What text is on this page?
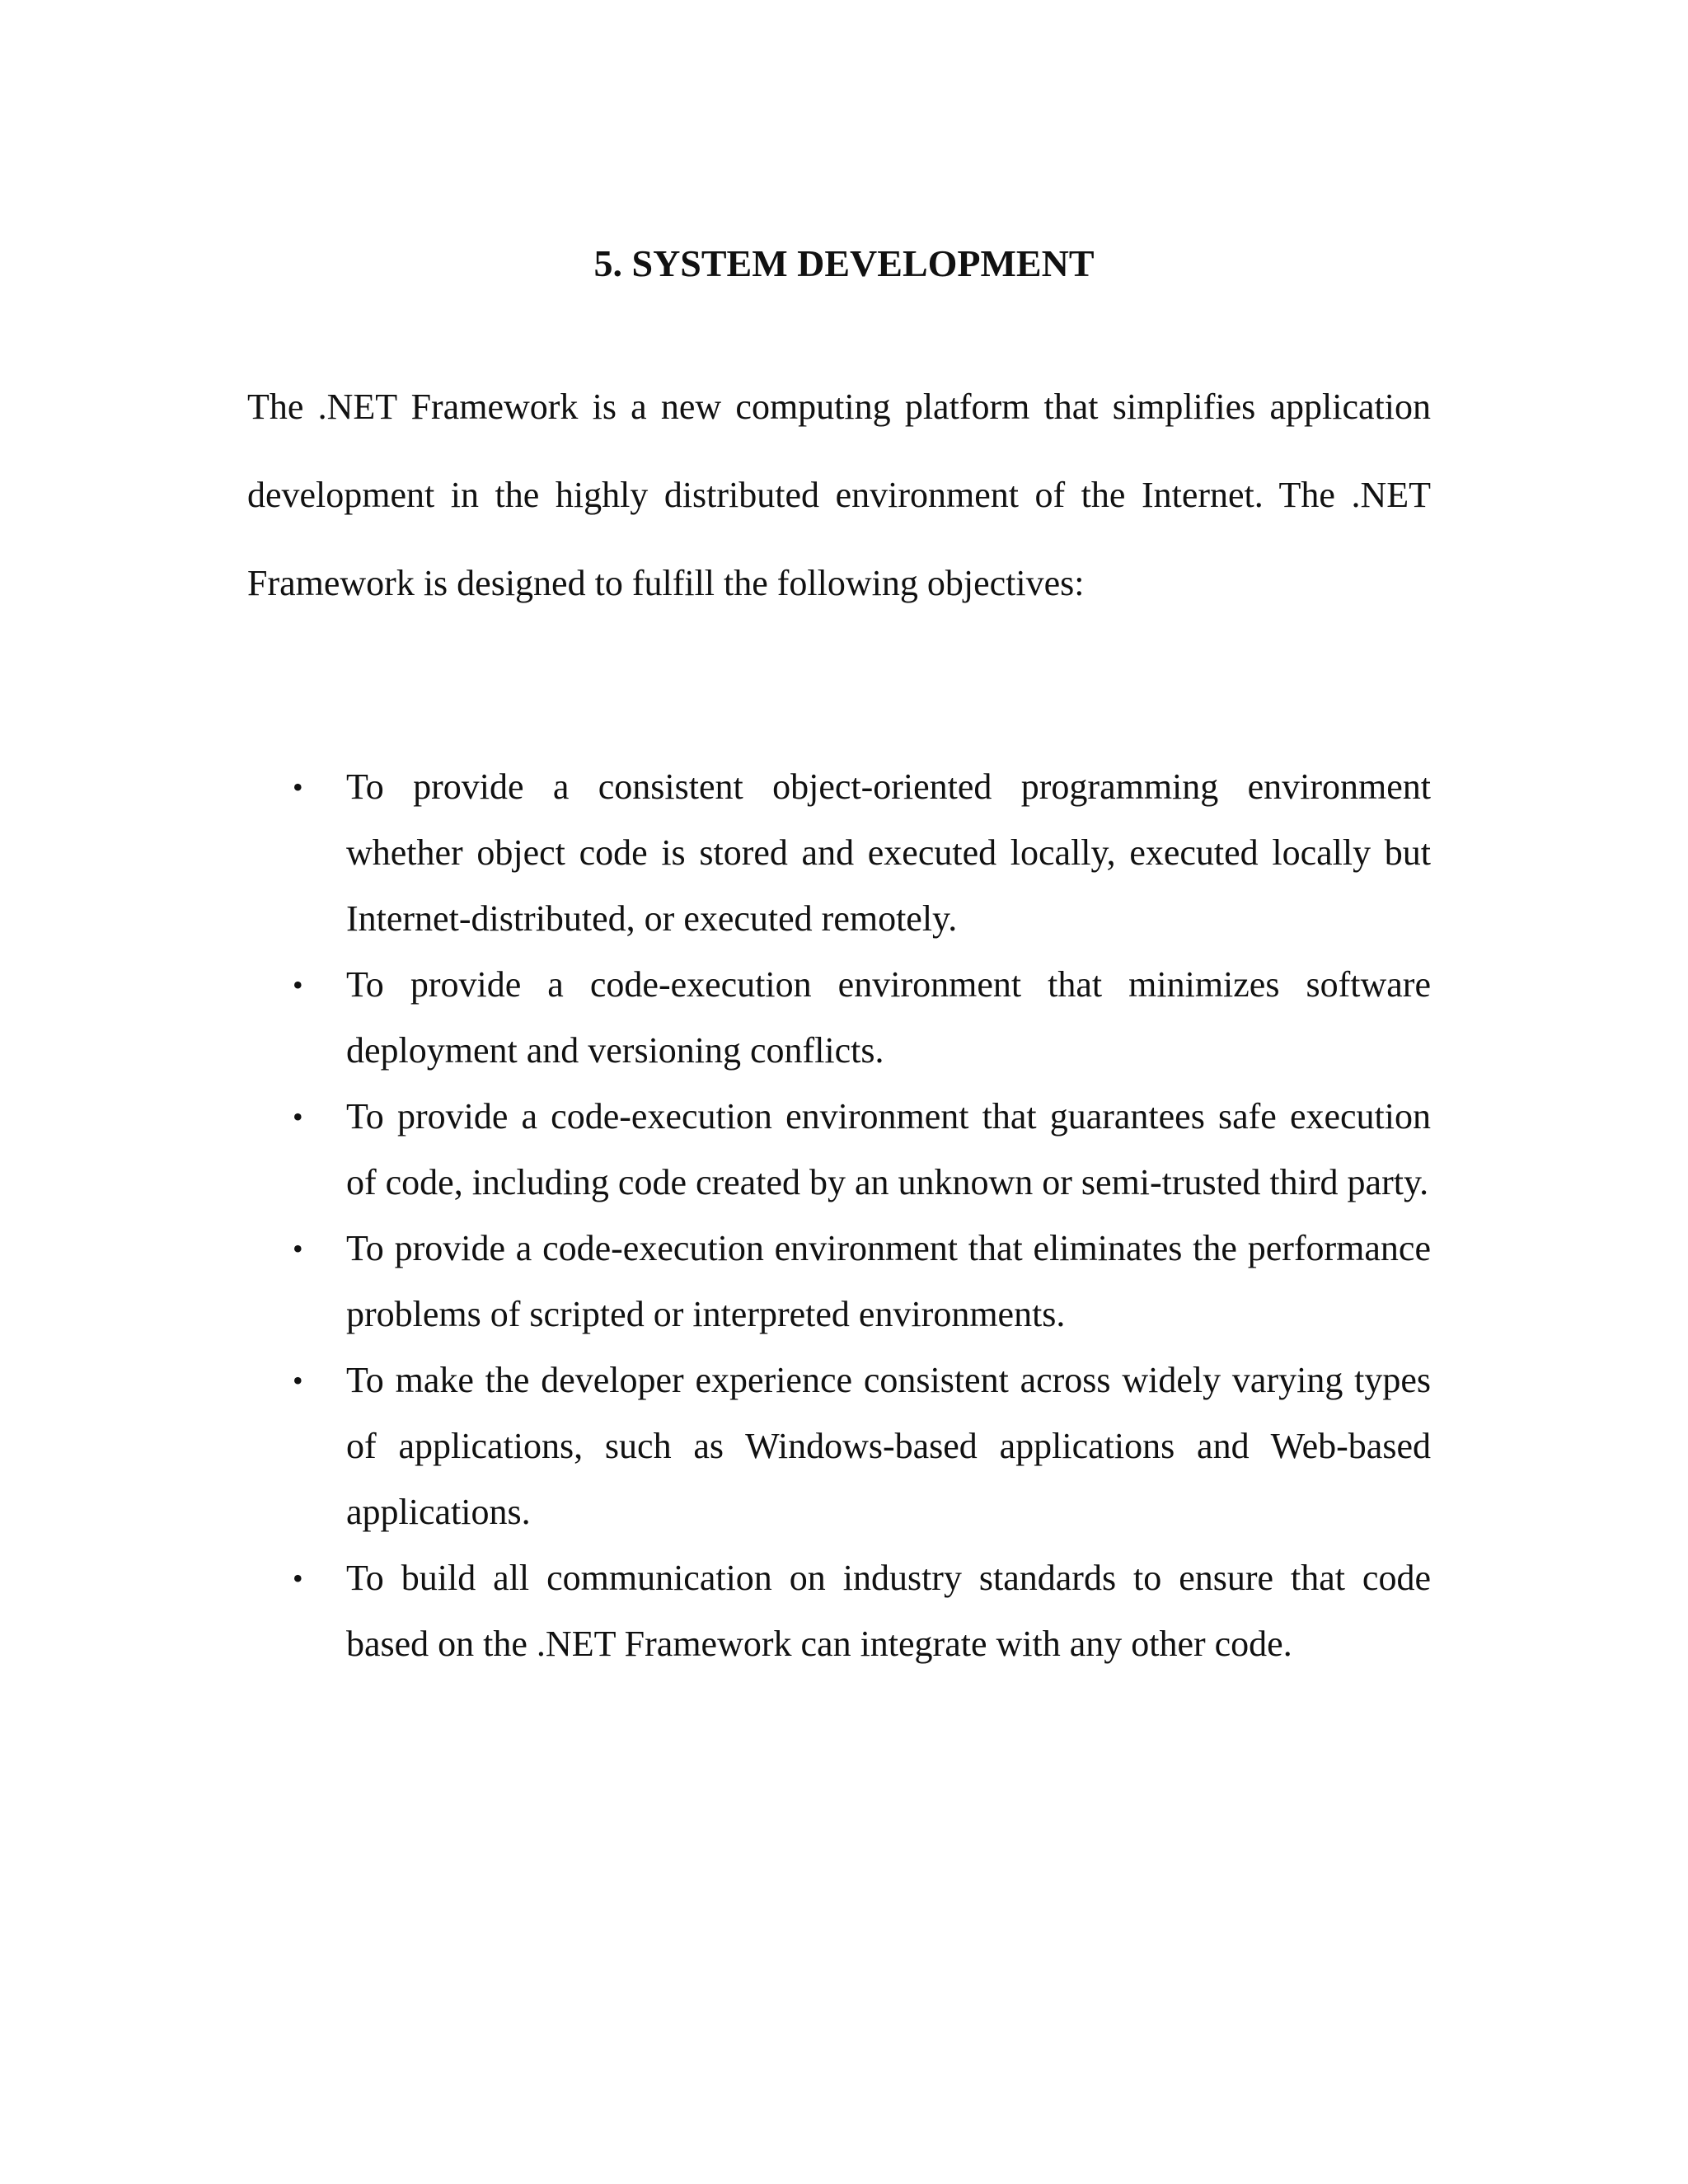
5. SYSTEM DEVELOPMENT

The .NET Framework is a new computing platform that simplifies application development in the highly distributed environment of the Internet. The .NET Framework is designed to fulfill the following objectives:

• To provide a consistent object-oriented programming environment whether object code is stored and executed locally, executed locally but Internet-distributed, or executed remotely.
• To provide a code-execution environment that minimizes software deployment and versioning conflicts.
• To provide a code-execution environment that guarantees safe execution of code, including code created by an unknown or semi-trusted third party.
• To provide a code-execution environment that eliminates the performance problems of scripted or interpreted environments.
• To make the developer experience consistent across widely varying types of applications, such as Windows-based applications and Web-based applications.
• To build all communication on industry standards to ensure that code based on the .NET Framework can integrate with any other code.
